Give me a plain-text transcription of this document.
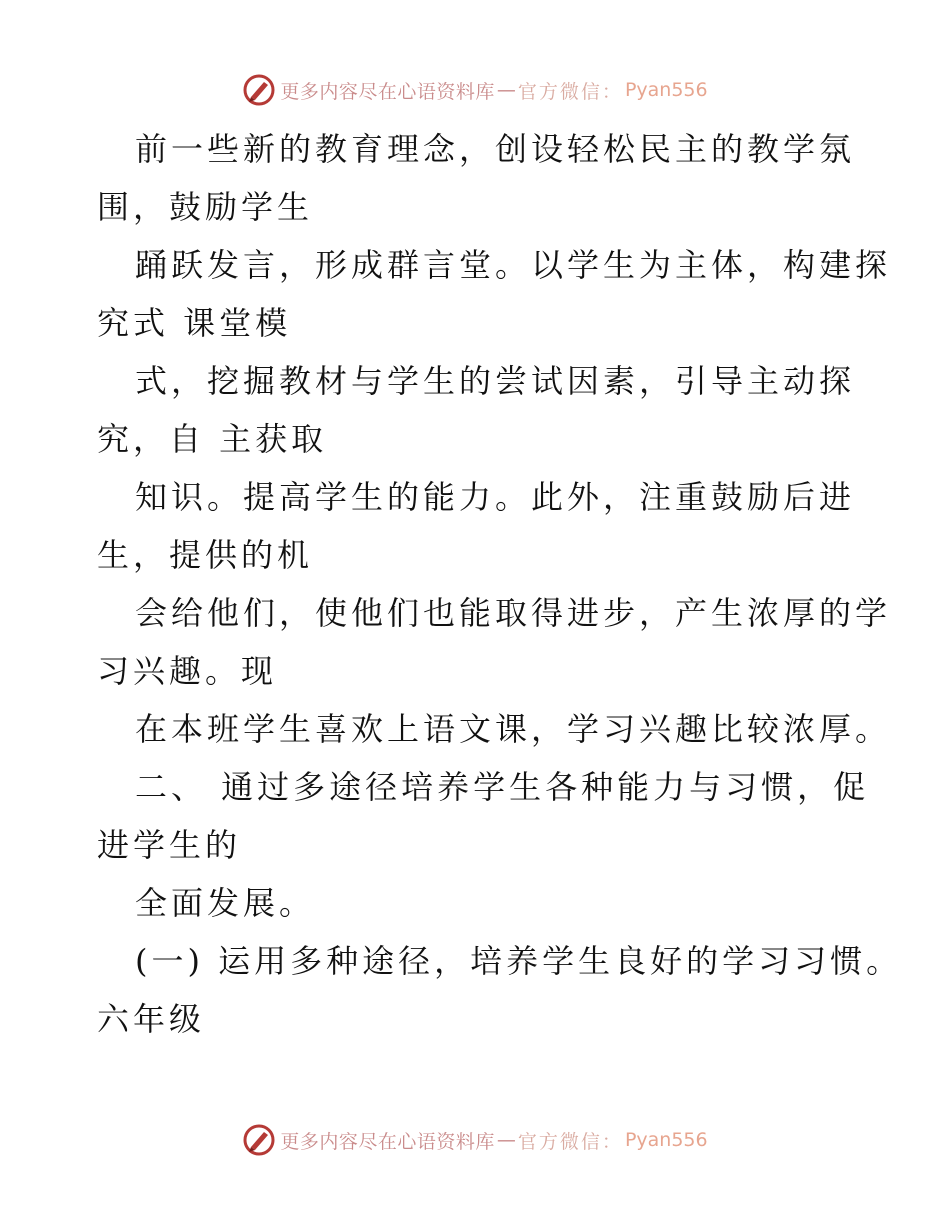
更多内容尽在心语资料库 — 官方微信： Pyan556
前一些新的教育理念，创设轻松民主的教学氛
围，鼓励学生
踊跃发言，形成群言堂。以学生为主体，构建探
究式 课堂模
式，挖掘教材与学生的尝试因素，引导主动探
究，自 主获取
知识。提高学生的能力。此外，注重鼓励后进
生，提供的机
会给他们，使他们也能取得进步，产生浓厚的学
习兴趣。现
在本班学生喜欢上语文课，学习兴趣比较浓厚。
二、 通过多途径培养学生各种能力与习惯，促
进学生的
全面发展。
(一) 运用多种途径，培养学生良好的学习习惯。
六年级
更多内容尽在心语资料库 — 官方微信： Pyan556
